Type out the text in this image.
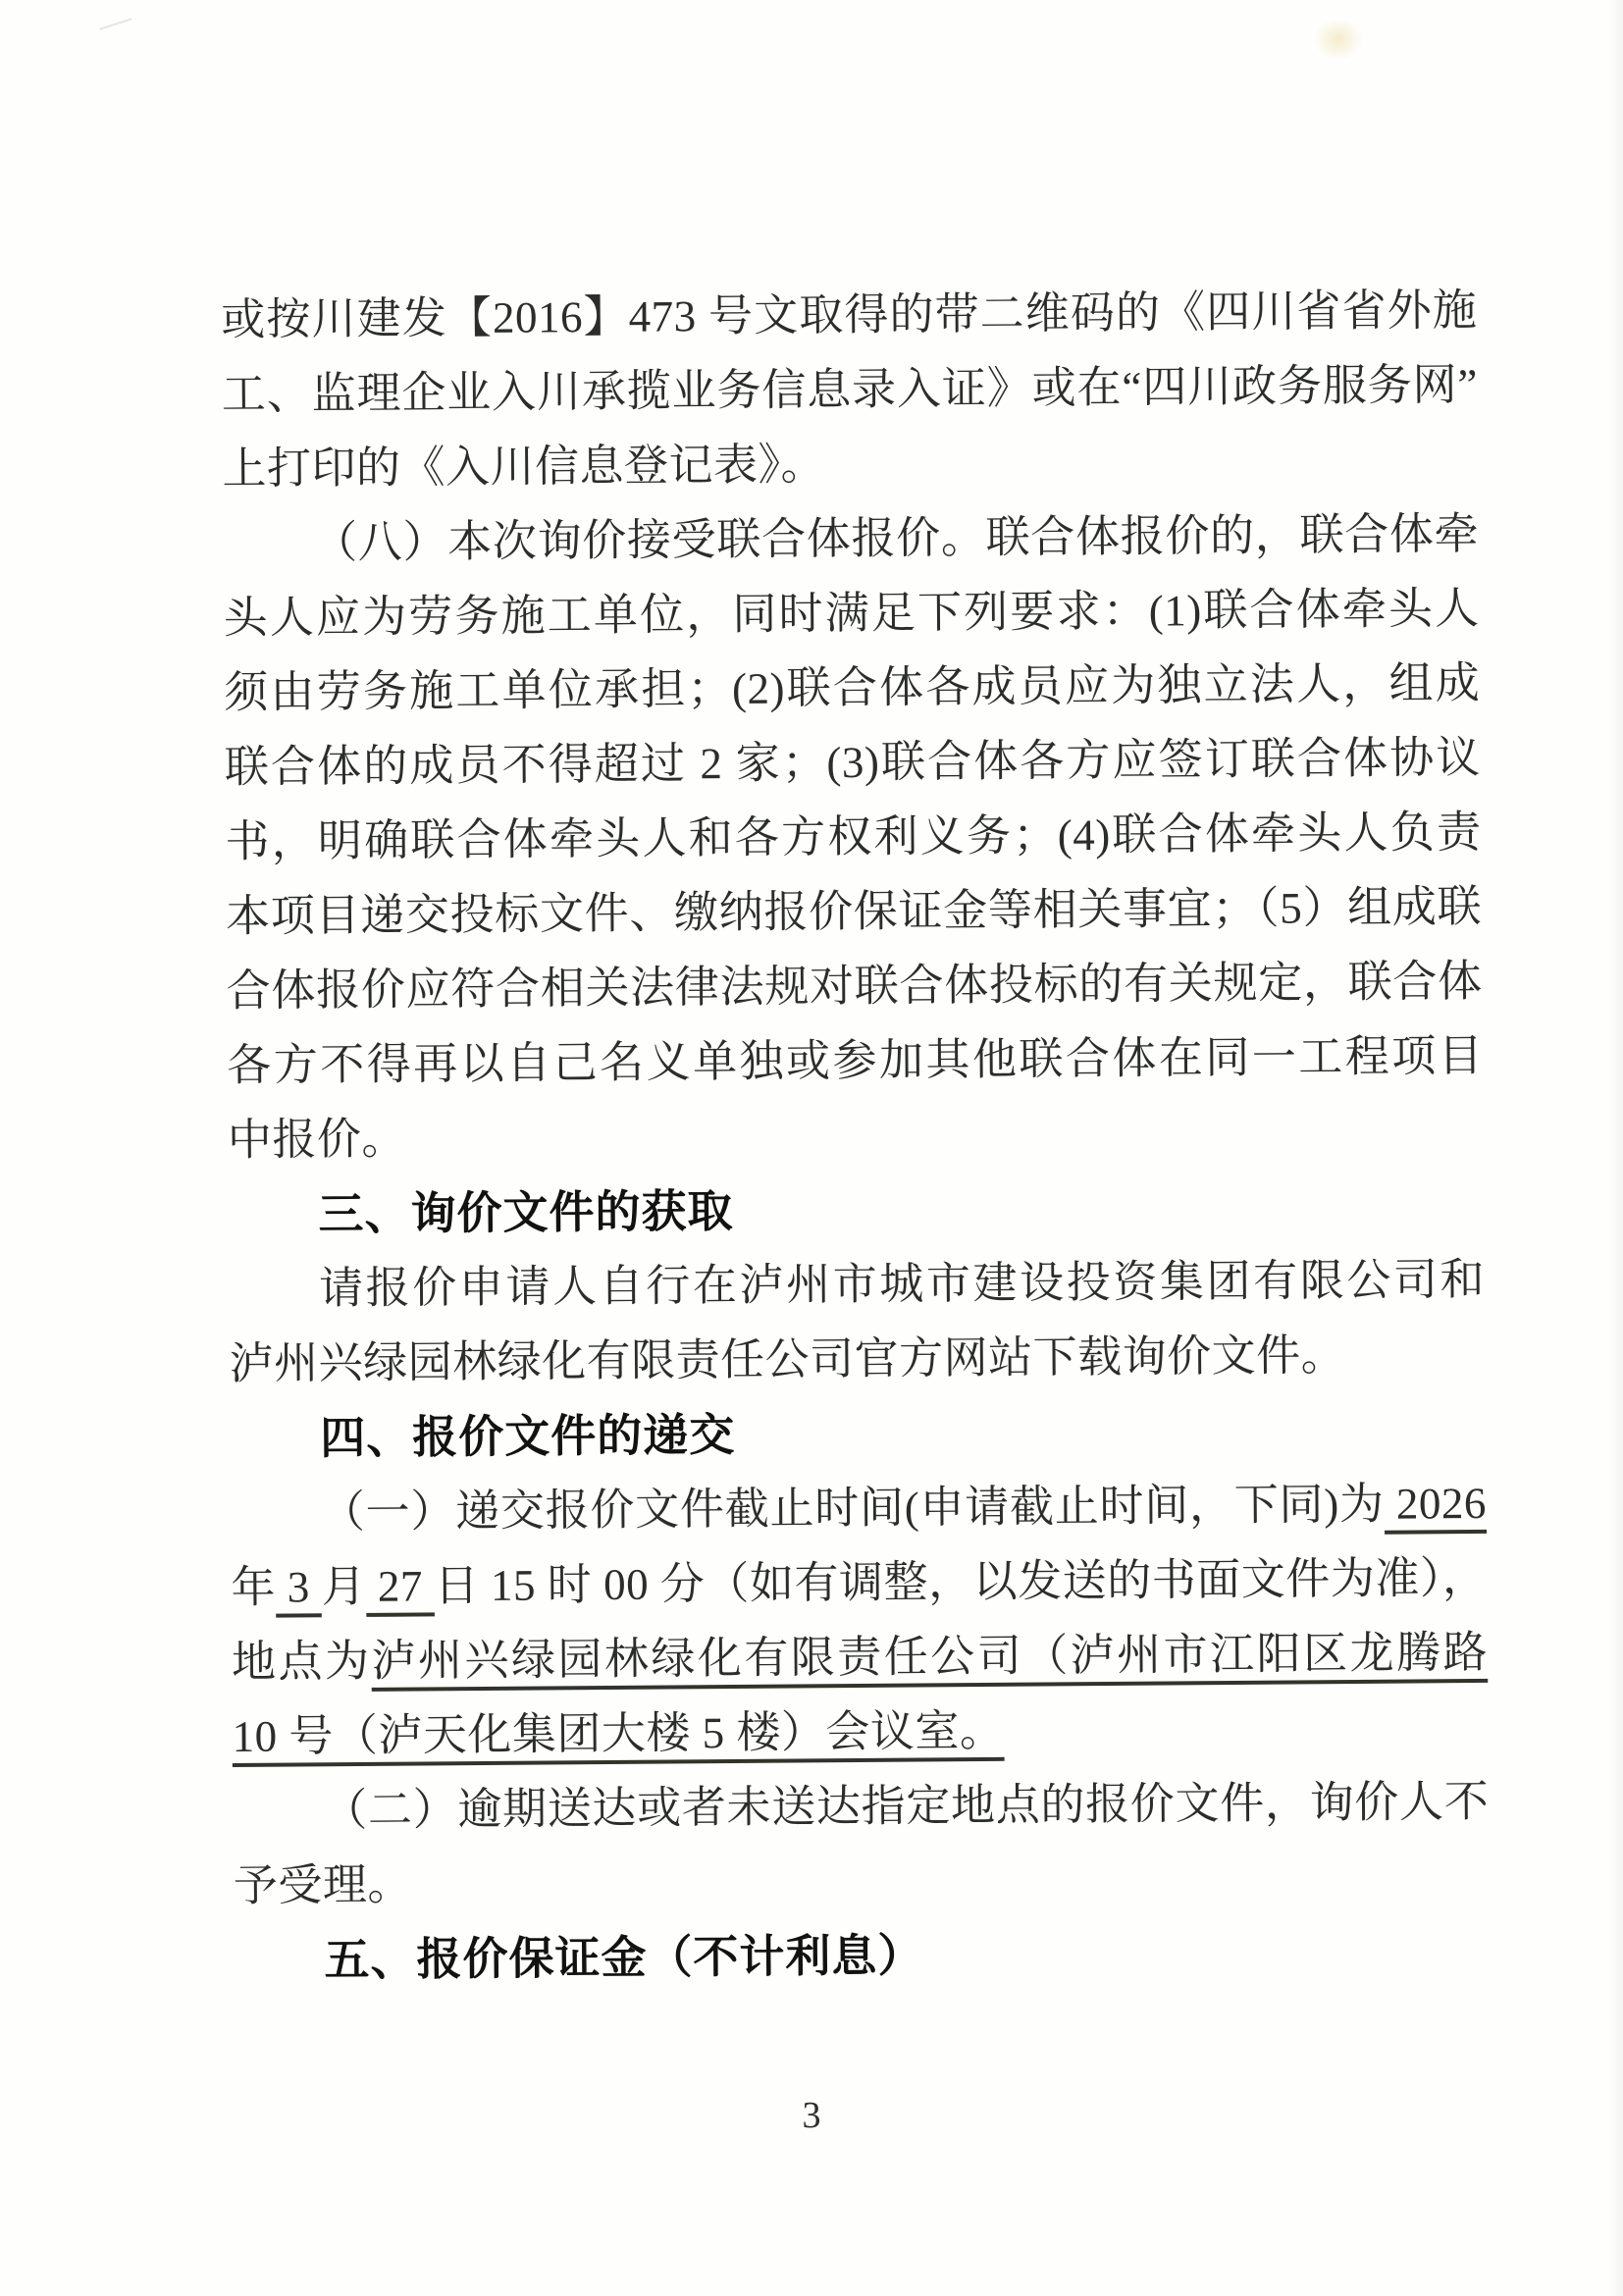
或按川建发【2016】473 号文取得的带二维码的《四川省省外施
工、监理企业入川承揽业务信息录入证》或在“四川政务服务网”
上打印的《入川信息登记表》。
（八）本次询价接受联合体报价。联合体报价的，联合体牵
头人应为劳务施工单位，同时满足下列要求：(1)联合体牵头人
须由劳务施工单位承担；(2)联合体各成员应为独立法人，组成
联合体的成员不得超过 2 家；(3)联合体各方应签订联合体协议
书，明确联合体牵头人和各方权利义务；(4)联合体牵头人负责
本项目递交投标文件、缴纳报价保证金等相关事宜；（5）组成联
合体报价应符合相关法律法规对联合体投标的有关规定，联合体
各方不得再以自己名义单独或参加其他联合体在同一工程项目
中报价。
三、询价文件的获取
请报价申请人自行在泸州市城市建设投资集团有限公司和
泸州兴绿园林绿化有限责任公司官方网站下载询价文件。
四、报价文件的递交
（一）递交报价文件截止时间(申请截止时间，下同)为 2026
年 3 月 27 日 15 时 00 分（如有调整，以发送的书面文件为准），
地点为泸州兴绿园林绿化有限责任公司（泸州市江阳区龙腾路
10 号（泸天化集团大楼 5 楼）会议室。
（二）逾期送达或者未送达指定地点的报价文件，询价人不
予受理。
五、报价保证金（不计利息）
3
